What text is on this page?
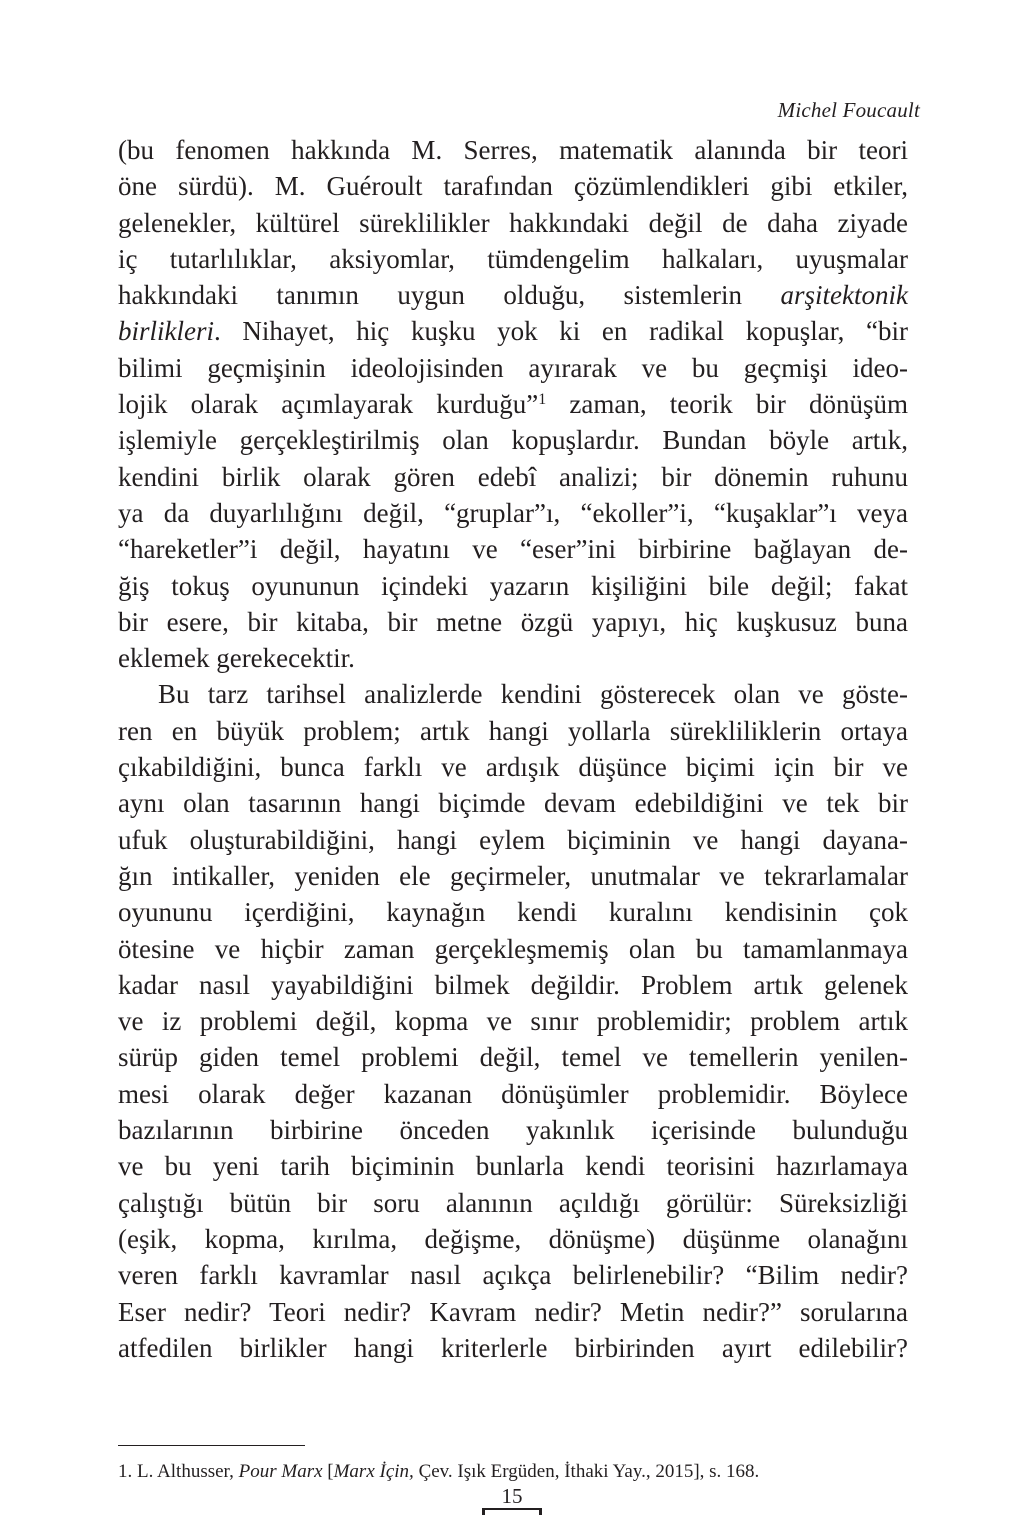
Michel Foucault
(bu fenomen hakkında M. Serres, matematik alanında bir teori
öne sürdü). M. Guéroult tarafından çözümlendikleri gibi etkiler,
gelenekler, kültürel süreklilikler hakkındaki değil de daha ziyade
iç tutarlılıklar, aksiyomlar, tümdengelim halkaları, uyuşmalar
hakkındaki tanımın uygun olduğu, sistemlerin arşitektonik
birlikleri. Nihayet, hiç kuşku yok ki en radikal kopuşlar, “bir
bilimi geçmişinin ideolojisinden ayırarak ve bu geçmişi ideo-
lojik olarak açımlayarak kurduğu”$^1$ zaman, teorik bir dönüşüm
işlemiyle gerçekleştirilmiş olan kopuşlardır. Bundan böyle artık,
kendini birlik olarak gören edebî analizi; bir dönemin ruhunu
ya da duyarlılığını değil, “gruplar”ı, “ekoller”i, “kuşaklar”ı veya
“hareketler”i değil, hayatını ve “eser”ini birbirine bağlayan de-
ğiş tokuş oyununun içindeki yazarın kişiliğini bile değil; fakat
bir esere, bir kitaba, bir metne özgü yapıyı, hiç kuşkusuz buna
eklemek gerekecektir.
Bu tarz tarihsel analizlerde kendini gösterecek olan ve göste-
ren en büyük problem; artık hangi yollarla sürekliliklerin ortaya
çıkabildiğini, bunca farklı ve ardışık düşünce biçimi için bir ve
aynı olan tasarının hangi biçimde devam edebildiğini ve tek bir
ufuk oluşturabildiğini, hangi eylem biçiminin ve hangi dayana-
ğın intikaller, yeniden ele geçirmeler, unutmalar ve tekrarlamalar
oyununu içerdiğini, kaynağın kendi kuralını kendisinin çok
ötesine ve hiçbir zaman gerçekleşmemiş olan bu tamamlanmaya
kadar nasıl yayabildiğini bilmek değildir. Problem artık gelenek
ve iz problemi değil, kopma ve sınır problemidir; problem artık
sürüp giden temel problemi değil, temel ve temellerin yenilen-
mesi olarak değer kazanan dönüşümler problemidir. Böylece
bazılarının birbirine önceden yakınlık içerisinde bulunduğu
ve bu yeni tarih biçiminin bunlarla kendi teorisini hazırlamaya
çalıştığı bütün bir soru alanının açıldığı görülür: Süreksizliği
(eşik, kopma, kırılma, değişme, dönüşme) düşünme olanağını
veren farklı kavramlar nasıl açıkça belirlenebilir? “Bilim nedir?
Eser nedir? Teori nedir? Kavram nedir? Metin nedir?” sorularına
atfedilen birlikler hangi kriterlerle birbirinden ayırt edilebilir?
1. L. Althusser, Pour Marx [Marx İçin, Çev. Işık Ergüden, İthaki Yay., 2015], s. 168.
15
